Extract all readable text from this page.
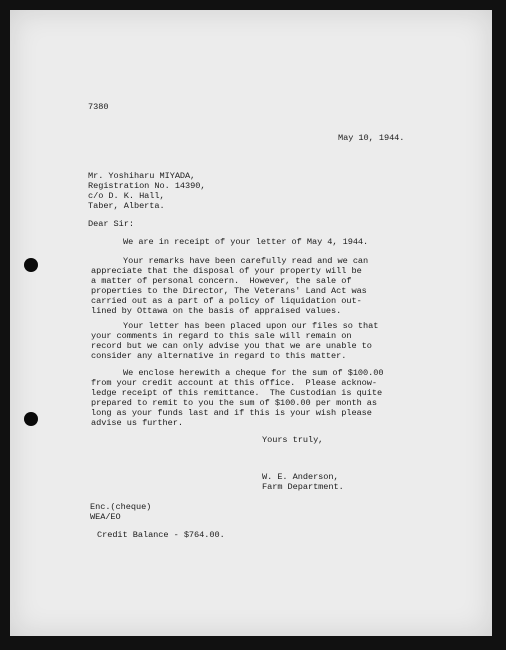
7380

May 10, 1944.

Mr. Yoshiharu MIYADA,

Registration No. 14390,

c/o D. K. Hall,

Taber, Alberta.

Dear Sir:

We are in receipt of your letter of May 4, 1944.

Your remarks have been carefully read and we can

appreciate that the disposal of your property will be

a matter of personal concern.  However, the sale of

properties to the Director, The Veterans' Land Act was

carried out as a part of a policy of liquidation out-

lined by Ottawa on the basis of appraised values.

Your letter has been placed upon our files so that

your comments in regard to this sale will remain on

record but we can only advise you that we are unable to

consider any alternative in regard to this matter.

We enclose herewith a cheque for the sum of $100.00

from your credit account at this office.  Please acknow-

ledge receipt of this remittance.  The Custodian is quite

prepared to remit to you the sum of $100.00 per month as

long as your funds last and if this is your wish please

advise us further.

Yours truly,

W. E. Anderson,

Farm Department.

Enc.(cheque)

WEA/EO

Credit Balance - $764.00.
